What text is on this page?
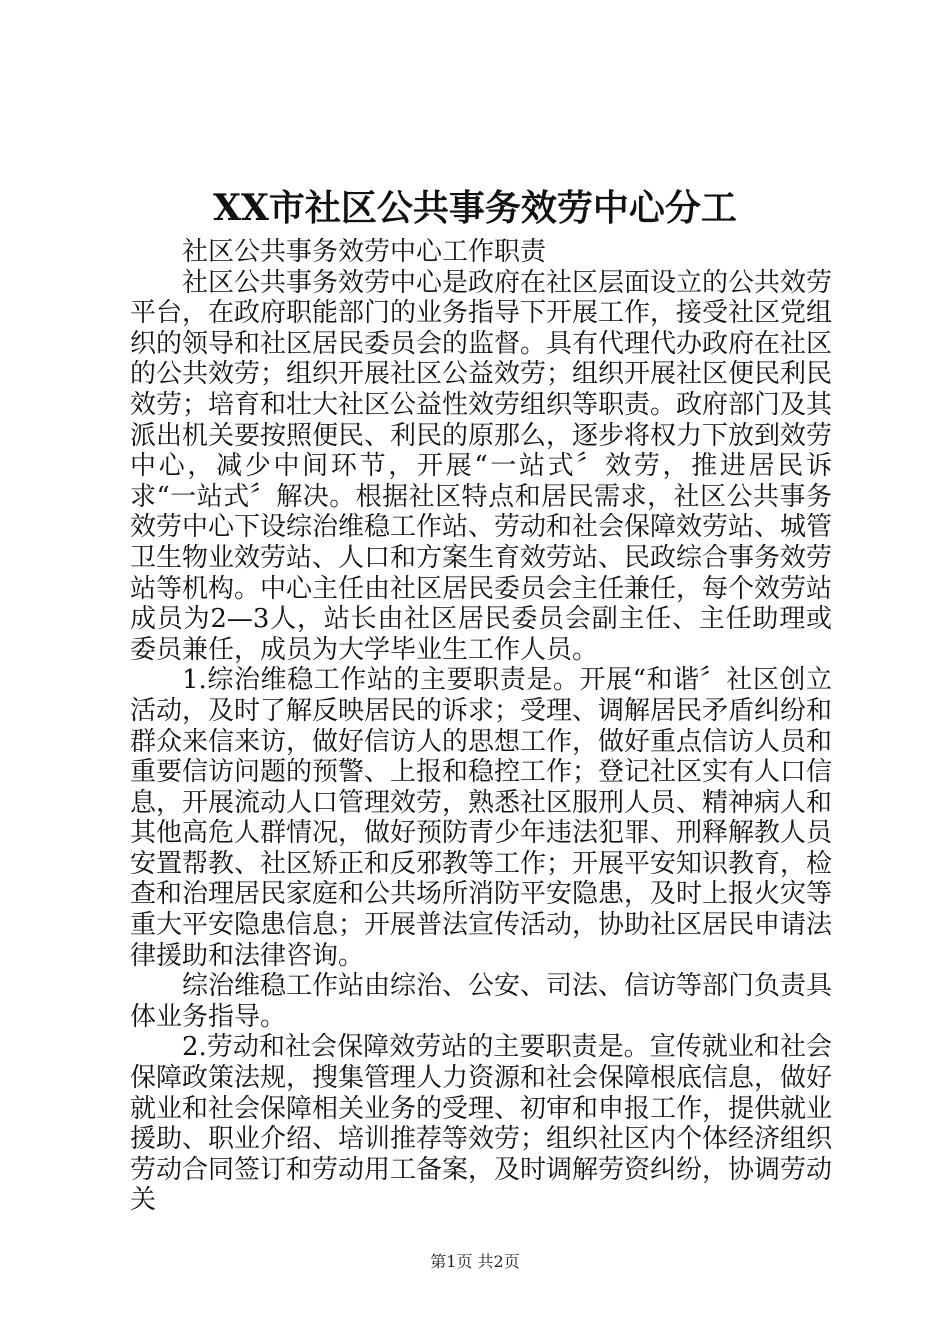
XX市社区公共事务效劳中心分工

社区公共事务效劳中心工作职责

社区公共事务效劳中心是政府在社区层面设立的公共效劳平台，在政府职能部门的业务指导下开展工作，接受社区党组织的领导和社区居民委员会的监督。具有代理代办政府在社区的公共效劳；组织开展社区公益效劳；组织开展社区便民利民效劳；培育和壮大社区公益性效劳组织等职责。政府部门及其派出机关要按照便民、利民的原那么，逐步将权力下放到效劳中心，减少中间环节，开展“一站式〞效劳，推进居民诉求“一站式〞解决。根据社区特点和居民需求，社区公共事务效劳中心下设综治维稳工作站、劳动和社会保障效劳站、城管卫生物业效劳站、人口和方案生育效劳站、民政综合事务效劳站等机构。中心主任由社区居民委员会主任兼任，每个效劳站成员为2—3人，站长由社区居民委员会副主任、主任助理或委员兼任，成员为大学毕业生工作人员。

1.综治维稳工作站的主要职责是。开展“和谐〞社区创立活动，及时了解反映居民的诉求；受理、调解居民矛盾纠纷和群众来信来访，做好信访人的思想工作，做好重点信访人员和重要信访问题的预警、上报和稳控工作；登记社区实有人口信息，开展流动人口管理效劳，熟悉社区服刑人员、精神病人和其他高危人群情况，做好预防青少年违法犯罪、刑释解教人员安置帮教、社区矫正和反邪教等工作；开展平安知识教育，检查和治理居民家庭和公共场所消防平安隐患，及时上报火灾等重大平安隐患信息；开展普法宣传活动，协助社区居民申请法律援助和法律咨询。

综治维稳工作站由综治、公安、司法、信访等部门负责具体业务指导。

2.劳动和社会保障效劳站的主要职责是。宣传就业和社会保障政策法规，搜集管理人力资源和社会保障根底信息，做好就业和社会保障相关业务的受理、初审和申报工作，提供就业援助、职业介绍、培训推荐等效劳；组织社区内个体经济组织劳动合同签订和劳动用工备案，及时调解劳资纠纷，协调劳动关

第1页 共2页
